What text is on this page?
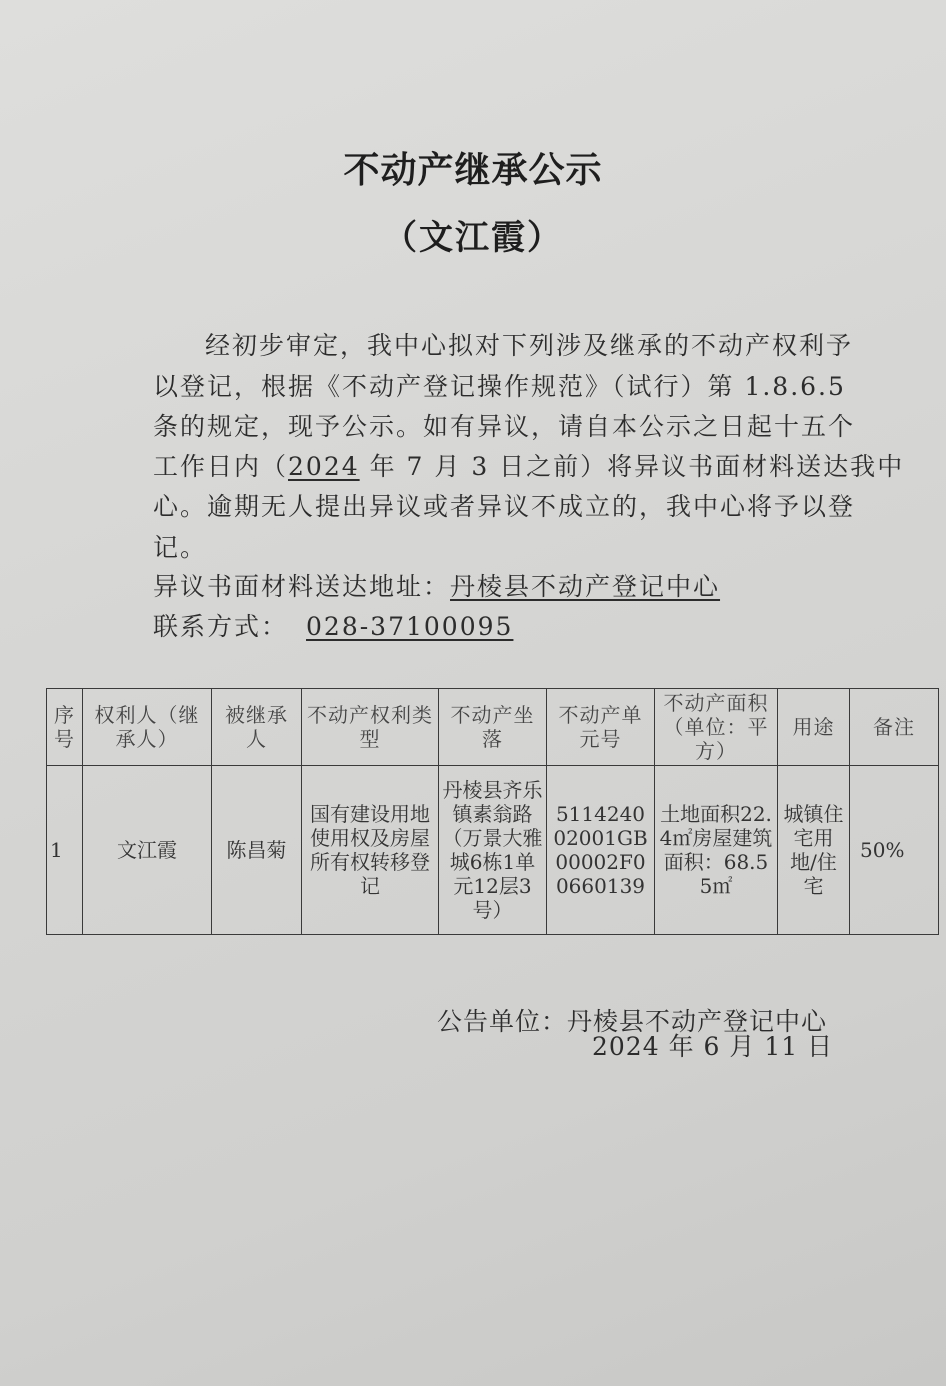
不动产继承公示
（文江霞）
经初步审定，我中心拟对下列涉及继承的不动产权利予
以登记，根据《不动产登记操作规范》（试行）第 1.8.6.5
条的规定，现予公示。如有异议，请自本公示之日起十五个
工作日内（2024 年 7 月 3 日之前）将异议书面材料送达我中
心。逾期无人提出异议或者异议不成立的，我中心将予以登
记。
异议书面材料送达地址：丹棱县不动产登记中心
联系方式： 028-37100095
序号	权利人（继承人）	被继承人	不动产权利类型	不动产坐落	不动产单元号	不动产面积（单位：平方）	用途	备注
1	文江霞	陈昌菊	国有建设用地使用权及房屋所有权转移登记	丹棱县齐乐镇素翁路（万景大雅城6栋1单元12层3号）	511424002001GB00002F00660139	土地面积22.4㎡房屋建筑面积：68.55㎡	城镇住宅用地/住宅	50%
公告单位：丹棱县不动产登记中心
2024 年 6 月 11 日
